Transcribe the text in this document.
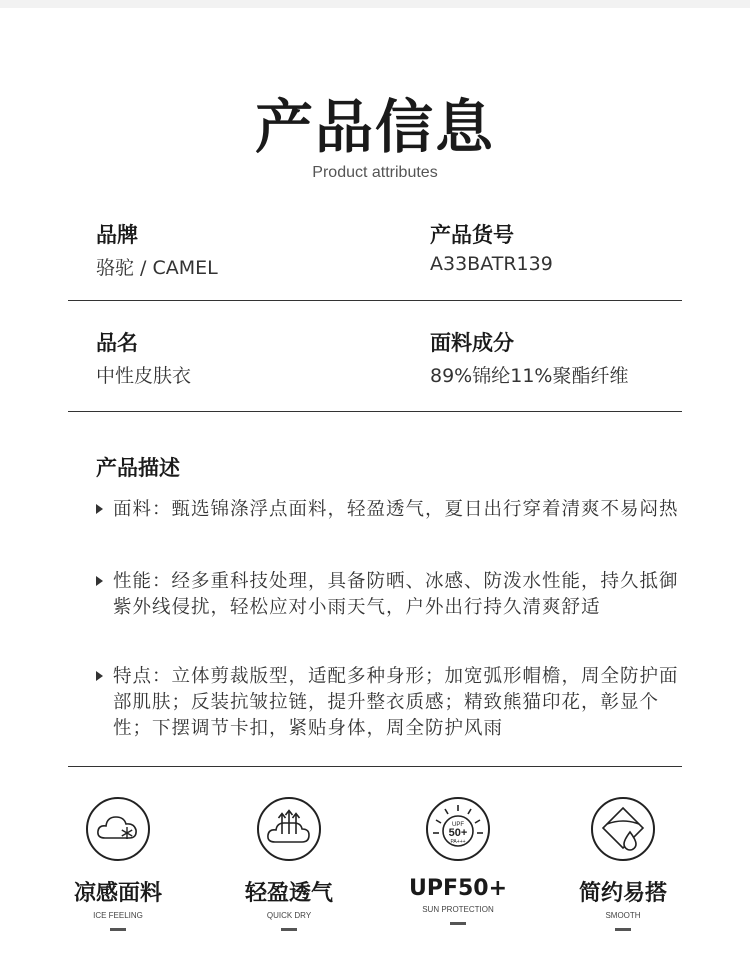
产品信息
Product attributes
品牌
骆驼 / CAMEL
产品货号
A33BATR139
品名
中性皮肤衣
面料成分
89%锦纶11%聚酯纤维
产品描述
面料：甄选锦涤浮点面料，轻盈透气，夏日出行穿着清爽不易闷热
性能：经多重科技处理，具备防晒、冰感、防泼水性能，持久抵御紫外线侵扰，轻松应对小雨天气，户外出行持久清爽舒适
特点：立体剪裁版型，适配多种身形；加宽弧形帽檐，周全防护面部肌肤；反装抗皱拉链，提升整衣质感；精致熊猫印花，彰显个性；下摆调节卡扣，紧贴身体，周全防护风雨
凉感面料
ICE FEELING
轻盈透气
QUICK DRY
UPF
50+
PA+++
UPF50+
SUN PROTECTION
简约易搭
SMOOTH
